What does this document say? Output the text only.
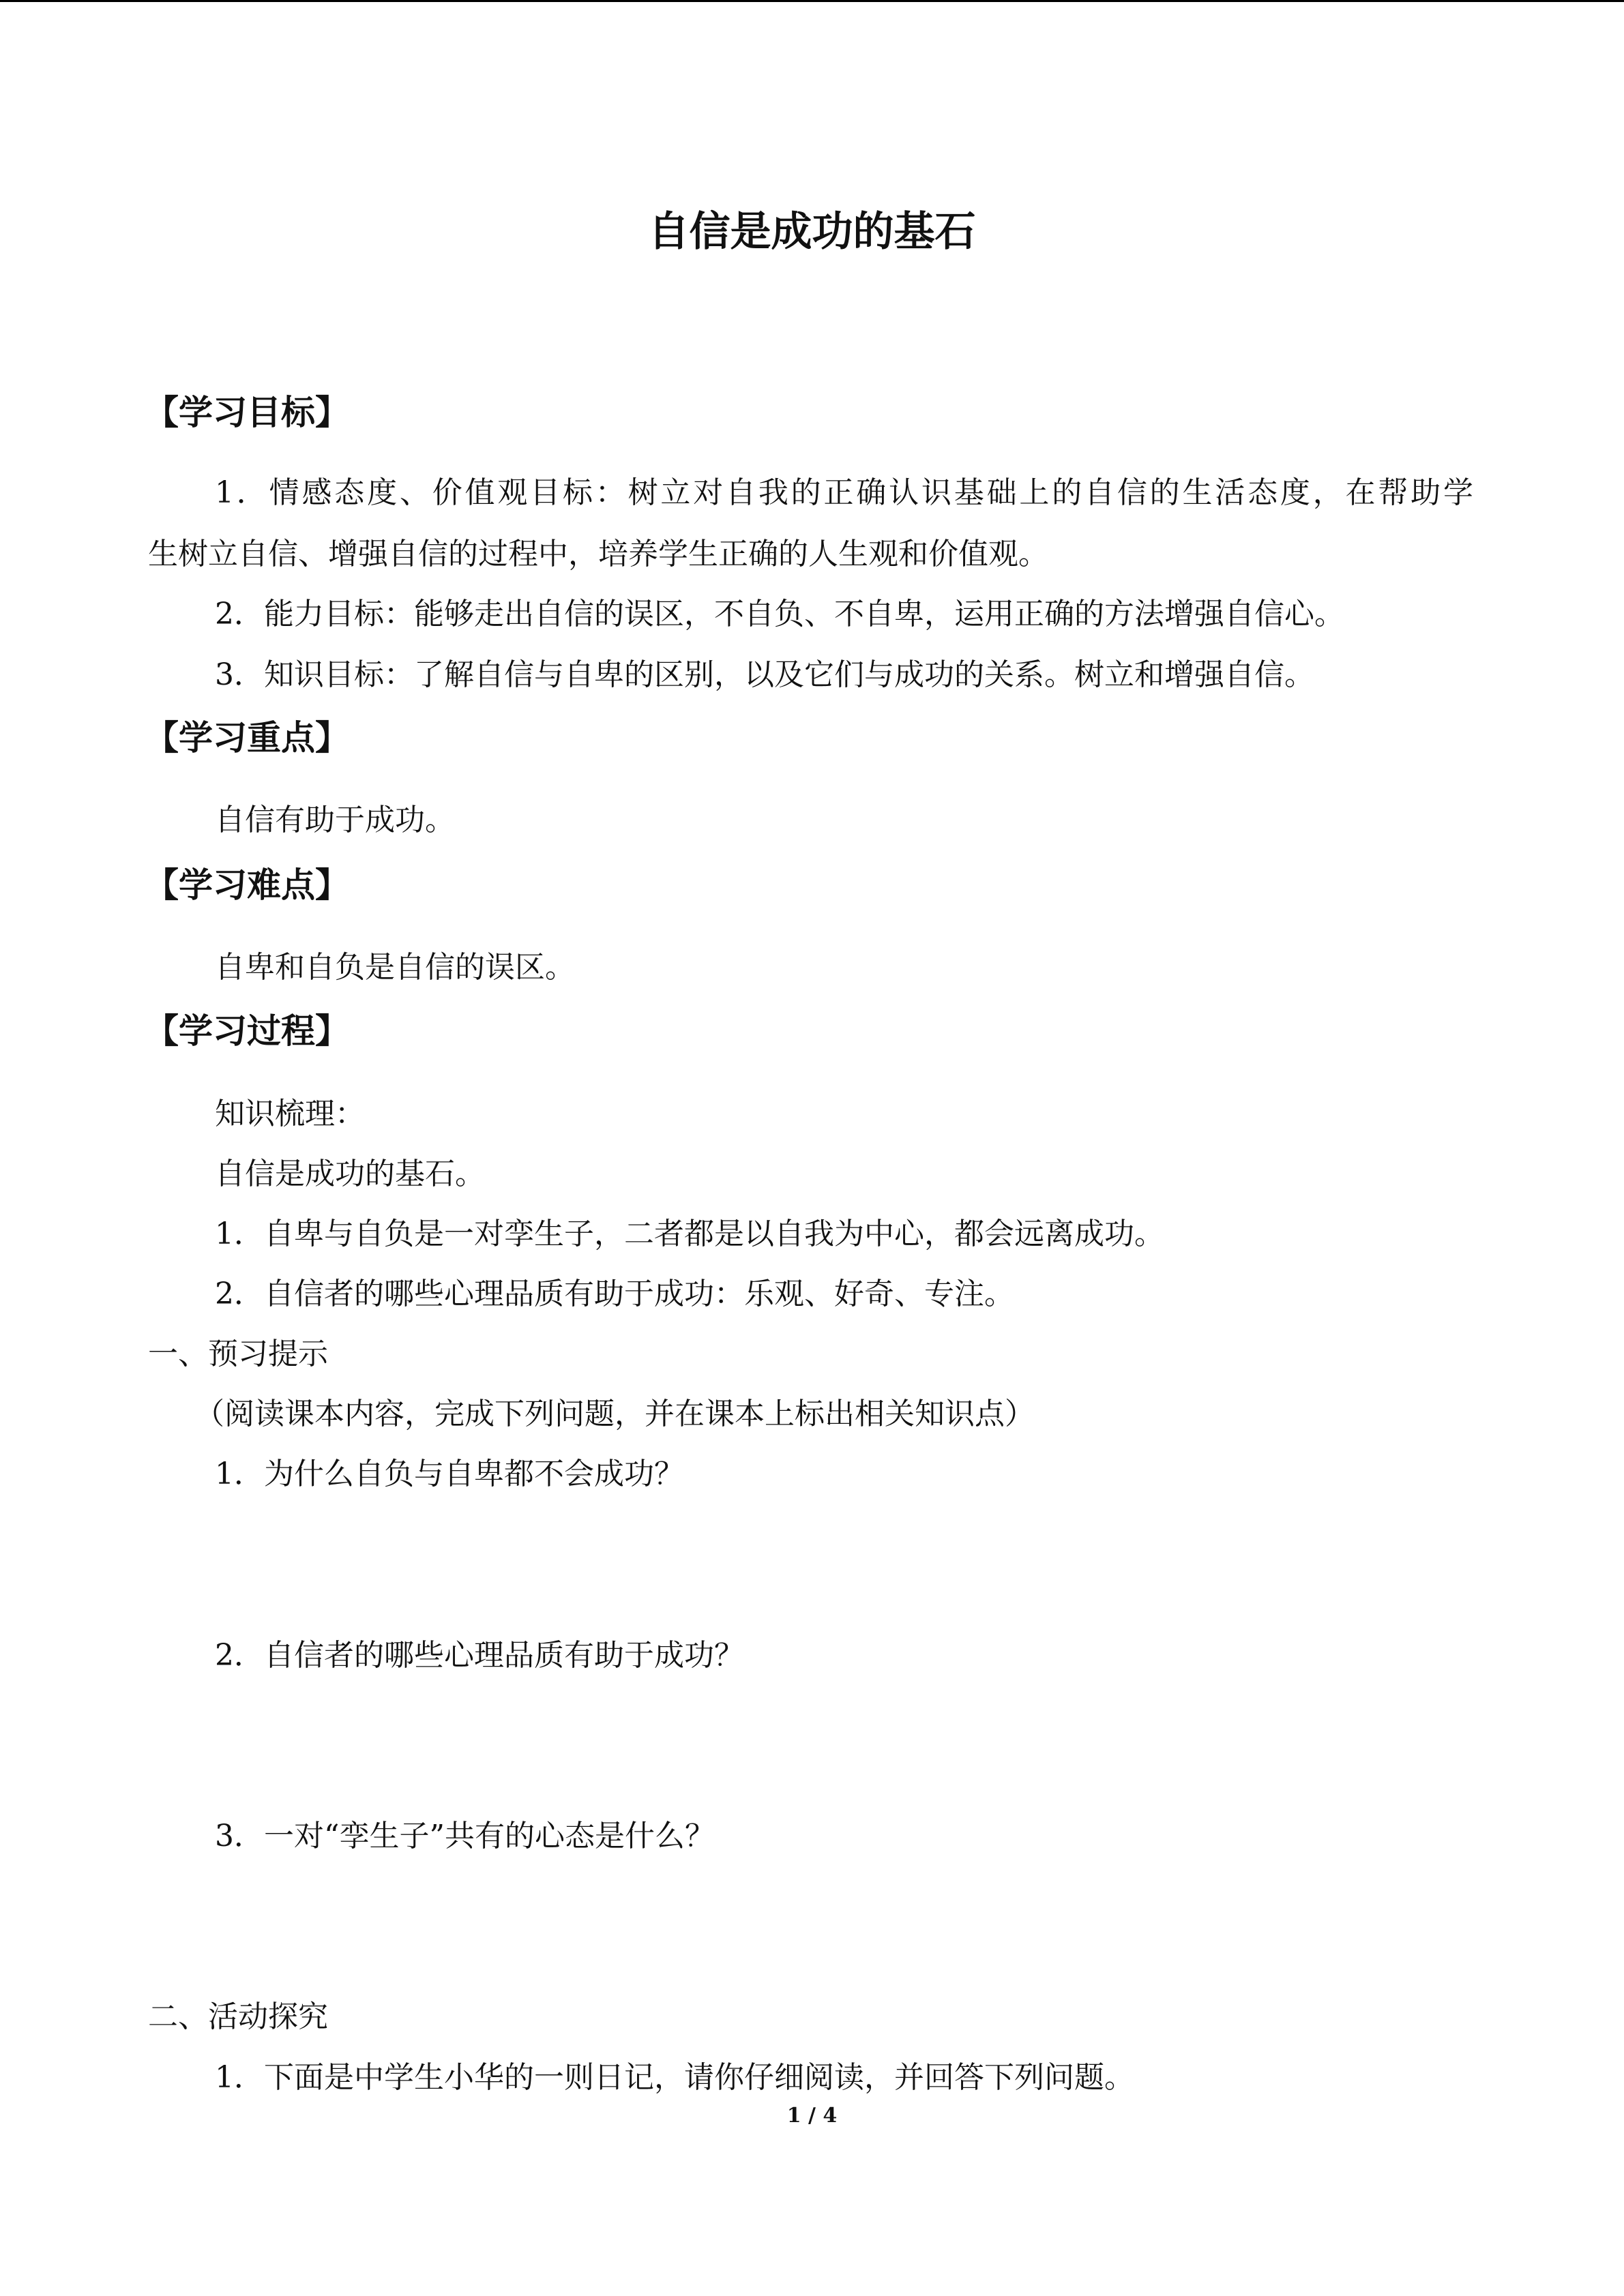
自信是成功的基石
【学习目标】
1．情感态度、价值观目标：树立对自我的正确认识基础上的自信的生活态度，在帮助学
生树立自信、增强自信的过程中，培养学生正确的人生观和价值观。
2．能力目标：能够走出自信的误区，不自负、不自卑，运用正确的方法增强自信心。
3．知识目标：了解自信与自卑的区别，以及它们与成功的关系。树立和增强自信。
【学习重点】
自信有助于成功。
【学习难点】
自卑和自负是自信的误区。
【学习过程】
知识梳理：
自信是成功的基石。
1．自卑与自负是一对孪生子，二者都是以自我为中心，都会远离成功。
2．自信者的哪些心理品质有助于成功：乐观、好奇、专注。
一、预习提示
（阅读课本内容，完成下列问题，并在课本上标出相关知识点）
1．为什么自负与自卑都不会成功？
2．自信者的哪些心理品质有助于成功？
3．一对“孪生子”共有的心态是什么？
二、活动探究
1．下面是中学生小华的一则日记，请你仔细阅读，并回答下列问题。
1 / 4
